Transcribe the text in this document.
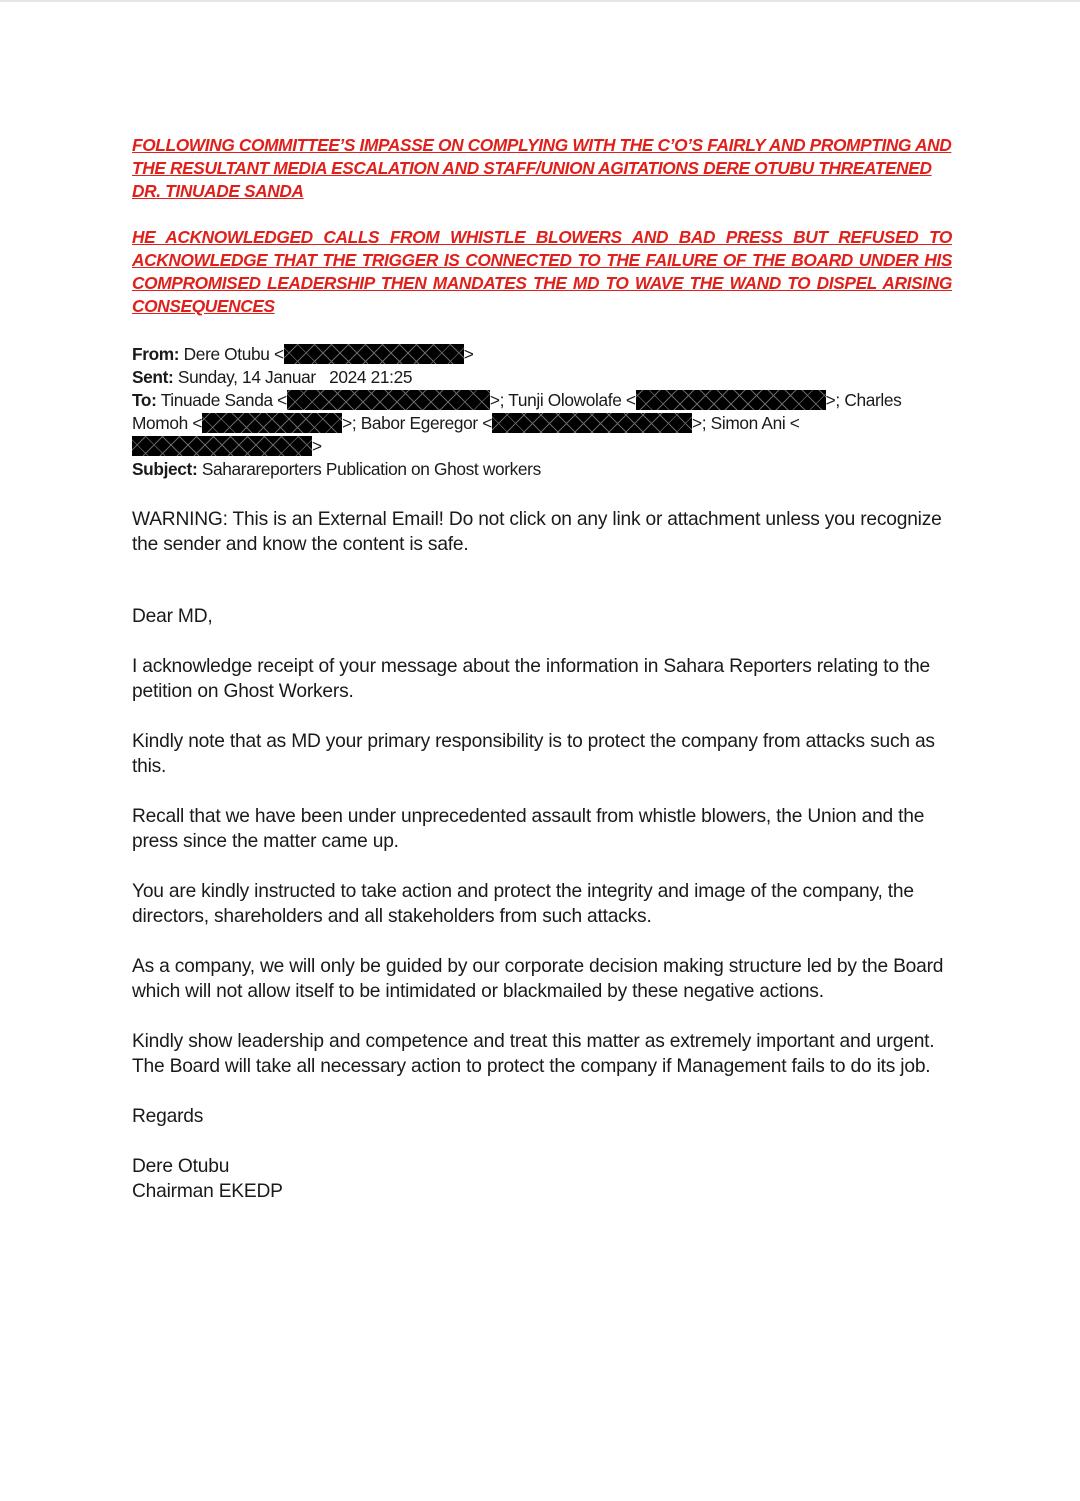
FOLLOWING COMMITTEE’S IMPASSE ON COMPLYING WITH THE C’O’S FAIRLY AND PROMPTING AND THE RESULTANT MEDIA ESCALATION AND STAFF/UNION AGITATIONS DERE OTUBU THREATENED DR. TINUADE SANDA

HE ACKNOWLEDGED CALLS FROM WHISTLE BLOWERS AND BAD PRESS BUT REFUSED TO ACKNOWLEDGE THAT THE TRIGGER IS CONNECTED TO THE FAILURE OF THE BOARD UNDER HIS COMPROMISED LEADERSHIP THEN MANDATES THE MD TO WAVE THE WAND TO DISPEL ARISING CONSEQUENCES

From: Dere Otubu <	>
Sent: Sunday, 14 Januar   2024 21:25
To: Tinuade Sanda <	>; Tunji Olowolafe <	>; Charles Momoh <	>; Babor Egeregor <	>; Simon Ani <>
Subject: Saharareporters Publication on Ghost workers

WARNING: This is an External Email! Do not click on any link or attachment unless you recognize the sender and know the content is safe.

Dear MD,

I acknowledge receipt of your message about the information in Sahara Reporters relating to the petition on Ghost Workers.

Kindly note that as MD your primary responsibility is to protect the company from attacks such as this.

Recall that we have been under unprecedented assault from whistle blowers, the Union and the press since the matter came up.

You are kindly instructed to take action and protect the integrity and image of the company, the directors, shareholders and all stakeholders from such attacks.

As a company, we will only be guided by our corporate decision making structure led by the Board which will not allow itself to be intimidated or blackmailed by these negative actions.

Kindly show leadership and competence and treat this matter as extremely important and urgent. The Board will take all necessary action to protect the company if Management fails to do its job.

Regards

Dere Otubu

Chairman EKEDP
